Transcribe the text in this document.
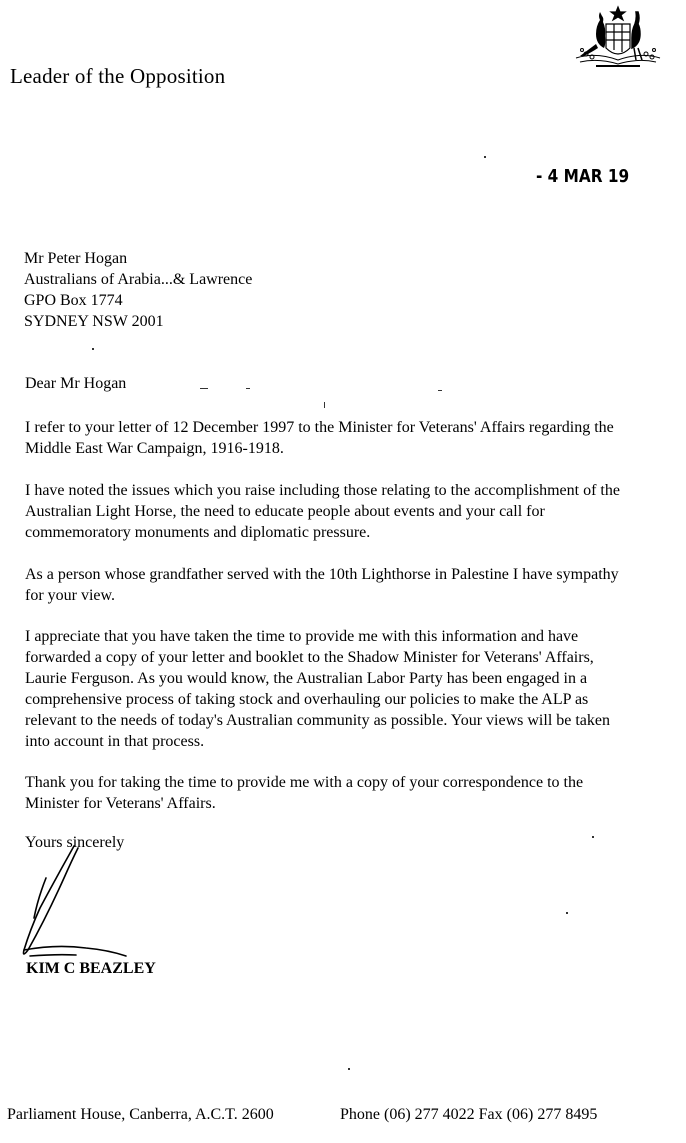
Leader of the Opposition
- 4 MAR 19
Mr Peter Hogan
Australians of Arabia...& Lawrence
GPO Box 1774
SYDNEY NSW 2001
Dear Mr Hogan
I refer to your letter of 12 December 1997 to the Minister for Veterans' Affairs regarding the
Middle East War Campaign, 1916-1918.
I have noted the issues which you raise including those relating to the accomplishment of the
Australian Light Horse, the need to educate people about events and your call for
commemoratory monuments and diplomatic pressure.
As a person whose grandfather served with the 10th Lighthorse in Palestine I have sympathy
for your view.
I appreciate that you have taken the time to provide me with this information and have
forwarded a copy of your letter and booklet to the Shadow Minister for Veterans' Affairs,
Laurie Ferguson. As you would know, the Australian Labor Party has been engaged in a
comprehensive process of taking stock and overhauling our policies to make the ALP as
relevant to the needs of today's Australian community as possible. Your views will be taken
into account in that process.
Thank you for taking the time to provide me with a copy of your correspondence to the
Minister for Veterans' Affairs.
Yours sincerely
KIM C BEAZLEY
Parliament House, Canberra, A.C.T. 2600	Phone (06) 277 4022 Fax (06) 277 8495
